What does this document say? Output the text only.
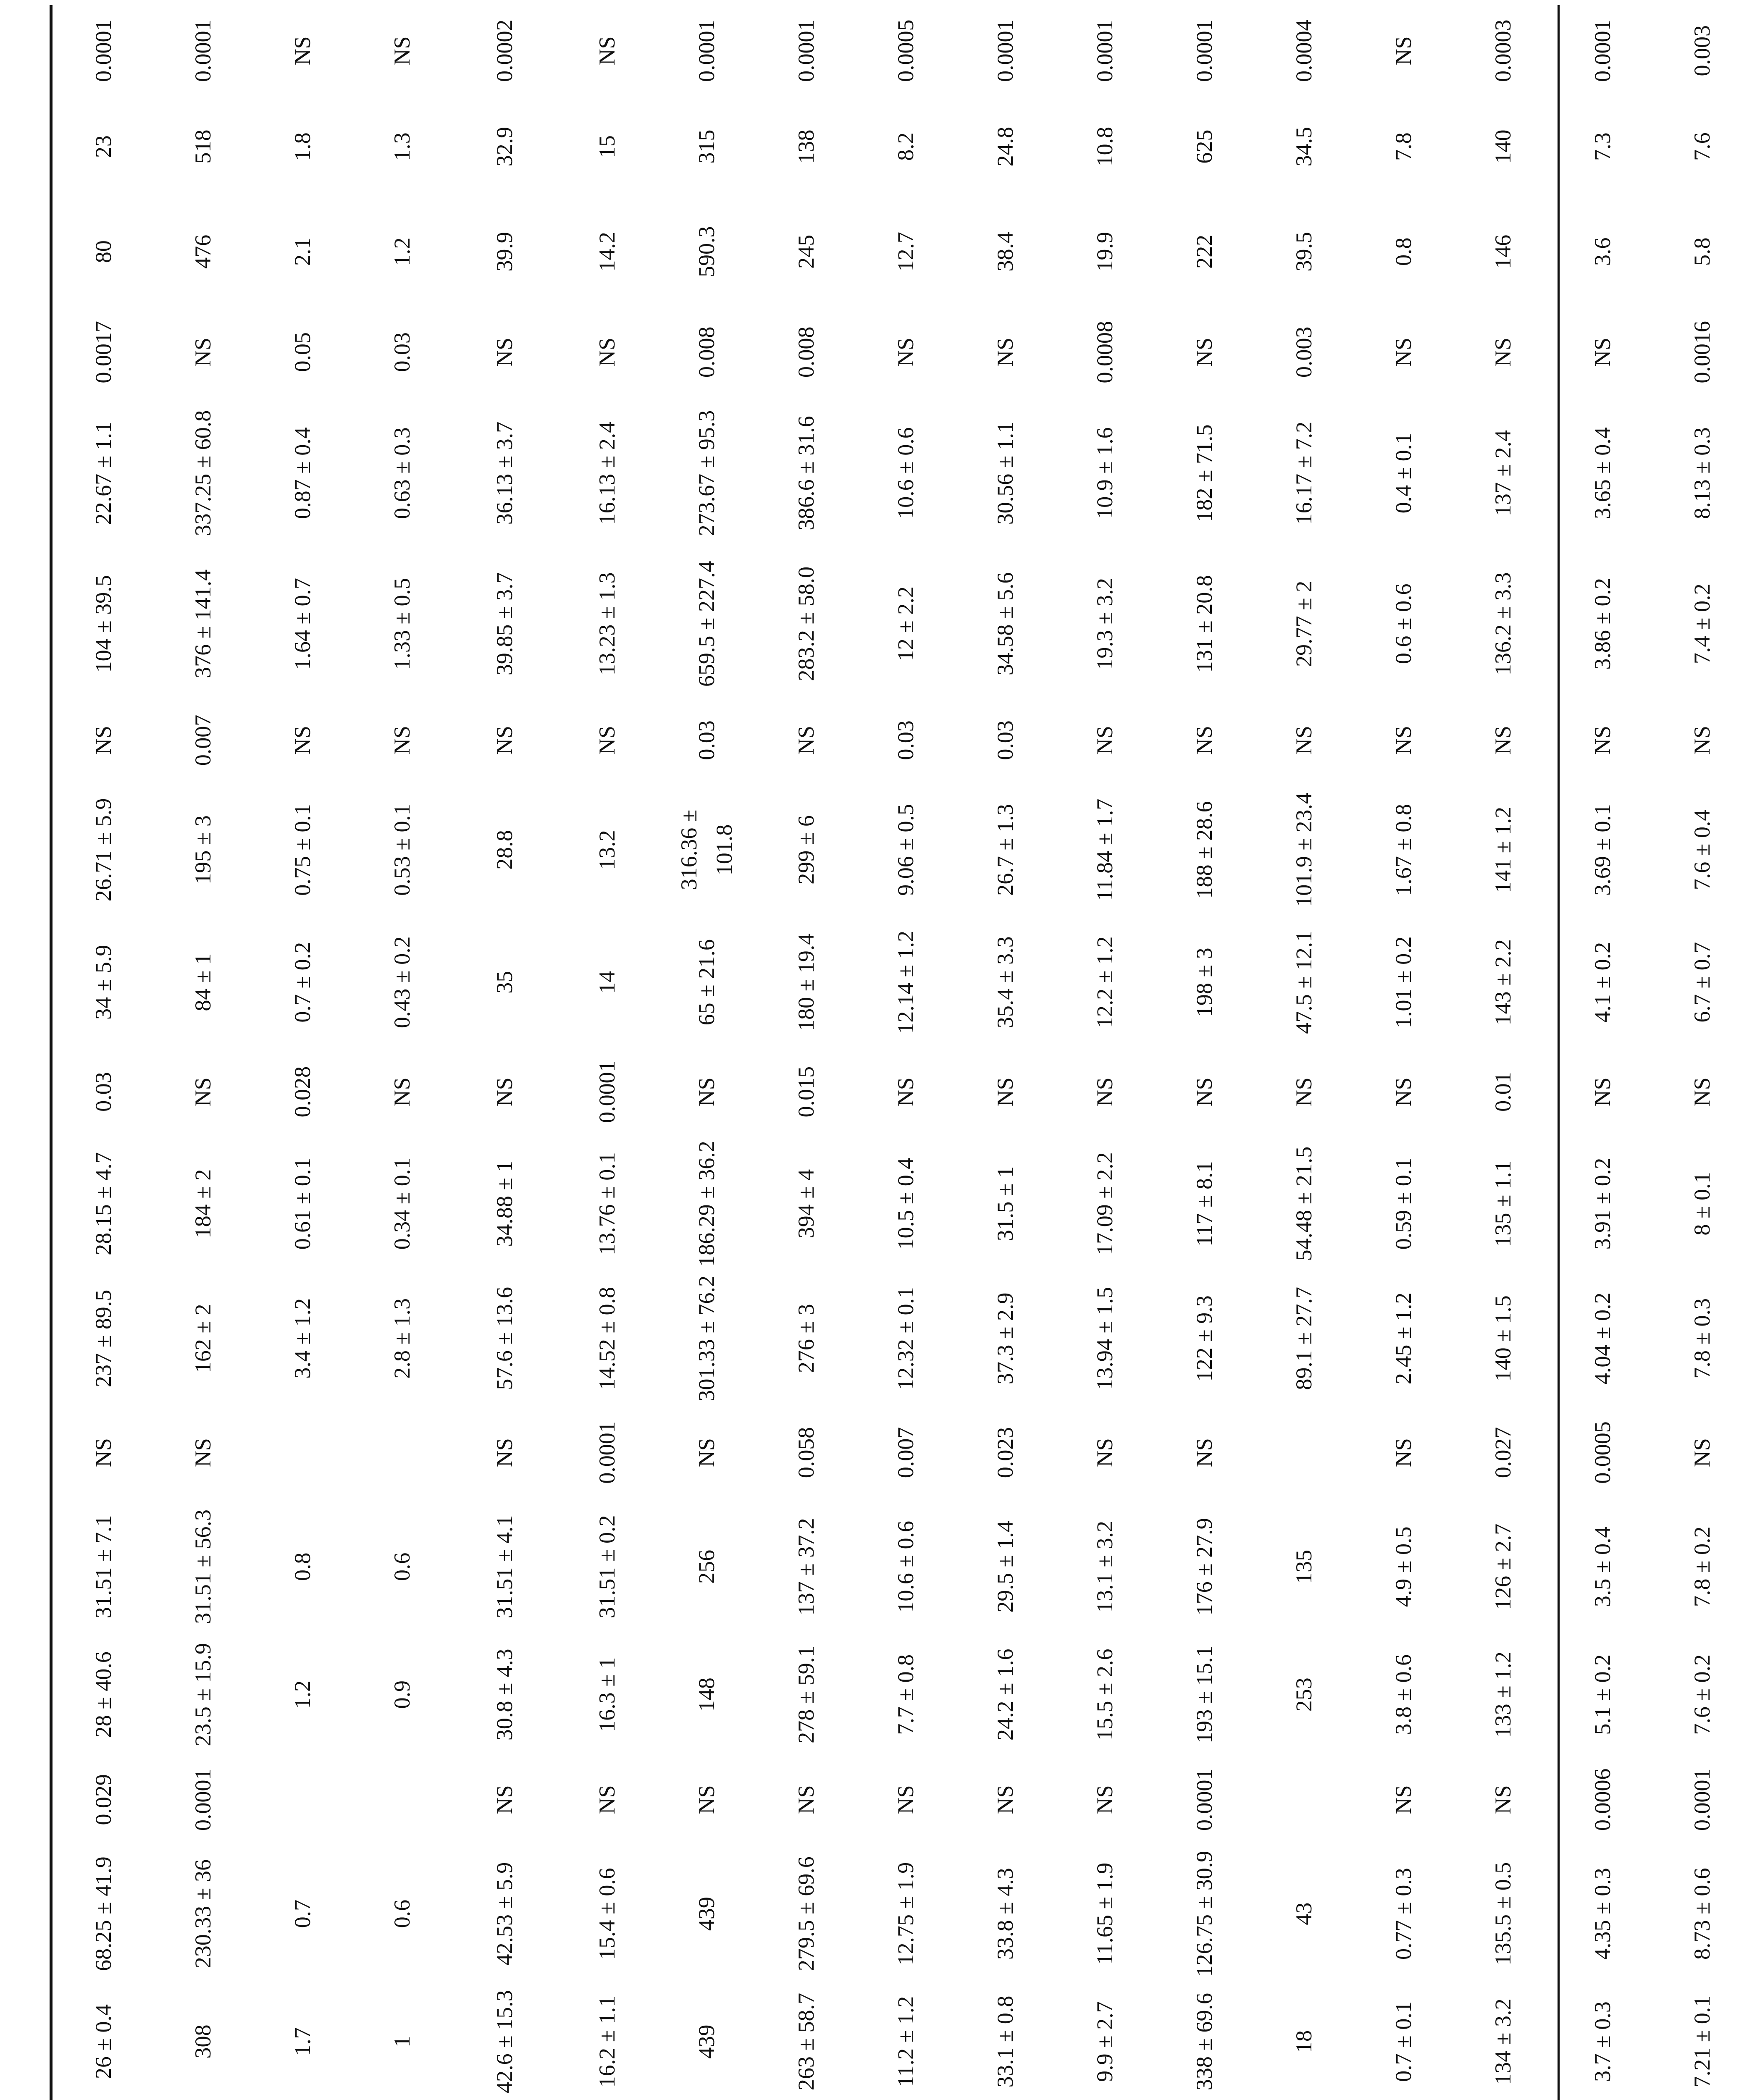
	26 ± 0.4	68.25 ± 41.9	0.029	28 ± 40.6	31.51 ± 7.1	NS	237 ± 89.5	28.15 ± 4.7	0.03	34 ± 5.9	26.71 ± 5.9	NS	104 ± 39.5	22.67 ± 1.1	0.0017	80	23	0.0001
	308	230.33 ± 36	0.0001	23.5 ± 15.9	31.51 ± 56.3	NS	162 ± 2	184 ± 2	NS	84 ± 1	195 ± 3	0.007	376 ± 141.4	337.25 ± 60.8	NS	476	518	0.0001
	1.7	0.7		1.2	0.8		3.4 ± 1.2	0.61 ± 0.1	0.028	0.7 ± 0.2	0.75 ± 0.1	NS	1.64 ± 0.7	0.87 ± 0.4	0.05	2.1	1.8	NS
	1	0.6		0.9	0.6		2.8 ± 1.3	0.34 ± 0.1	NS	0.43 ± 0.2	0.53 ± 0.1	NS	1.33 ± 0.5	0.63 ± 0.3	0.03	1.2	1.3	NS
	42.6 ± 15.3	42.53 ± 5.9	NS	30.8 ± 4.3	31.51 ± 4.1	NS	57.6 ± 13.6	34.88 ± 1	NS	35	28.8	NS	39.85 ± 3.7	36.13 ± 3.7	NS	39.9	32.9	0.0002
	16.2 ± 1.1	15.4 ± 0.6	NS	16.3 ± 1	31.51 ± 0.2	0.0001	14.52 ± 0.8	13.76 ± 0.1	0.0001	14	13.2	NS	13.23 ± 1.3	16.13 ± 2.4	NS	14.2	15	NS
	439	439	NS	148	256	NS	301.33 ± 76.2	186.29 ± 36.2	NS	65 ± 21.6	316.36 ± 101.8	0.03	659.5 ± 227.4	273.67 ± 95.3	0.008	590.3	315	0.0001
	263 ± 58.7	279.5 ± 69.6	NS	278 ± 59.1	137 ± 37.2	0.058	276 ± 3	394 ± 4	0.015	180 ± 19.4	299 ± 6	NS	283.2 ± 58.0	386.6 ± 31.6	0.008	245	138	0.0001
	11.2 ± 1.2	12.75 ± 1.9	NS	7.7 ± 0.8	10.6 ± 0.6	0.007	12.32 ± 0.1	10.5 ± 0.4	NS	12.14 ± 1.2	9.06 ± 0.5	0.03	12 ± 2.2	10.6 ± 0.6	NS	12.7	8.2	0.0005
	33.1 ± 0.8	33.8 ± 4.3	NS	24.2 ± 1.6	29.5 ± 1.4	0.023	37.3 ± 2.9	31.5 ± 1	NS	35.4 ± 3.3	26.7 ± 1.3	0.03	34.58 ± 5.6	30.56 ± 1.1	NS	38.4	24.8	0.0001
	9.9 ± 2.7	11.65 ± 1.9	NS	15.5 ± 2.6	13.1 ± 3.2	NS	13.94 ± 1.5	17.09 ± 2.2	NS	12.2 ± 1.2	11.84 ± 1.7	NS	19.3 ± 3.2	10.9 ± 1.6	0.0008	19.9	10.8	0.0001
	338 ± 69.6	126.75 ± 30.9	0.0001	193 ± 15.1	176 ± 27.9	NS	122 ± 9.3	117 ± 8.1	NS	198 ± 3	188 ± 28.6	NS	131 ± 20.8	182 ± 71.5	NS	222	625	0.0001
	18	43		253	135		89.1 ± 27.7	54.48 ± 21.5	NS	47.5 ± 12.1	101.9 ± 23.4	NS	29.77 ± 2	16.17 ± 7.2	0.003	39.5	34.5	0.0004
	0.7 ± 0.1	0.77 ± 0.3	NS	3.8 ± 0.6	4.9 ± 0.5	NS	2.45 ± 1.2	0.59 ± 0.1	NS	1.01 ± 0.2	1.67 ± 0.8	NS	0.6 ± 0.6	0.4 ± 0.1	NS	0.8	7.8	NS
	134 ± 3.2	135.5 ± 0.5	NS	133 ± 1.2	126 ± 2.7	0.027	140 ± 1.5	135 ± 1.1	0.01	143 ± 2.2	141 ± 1.2	NS	136.2 ± 3.3	137 ± 2.4	NS	146	140	0.0003
	3.7 ± 0.3	4.35 ± 0.3	0.0006	5.1 ± 0.2	3.5 ± 0.4	0.0005	4.04 ± 0.2	3.91 ± 0.2	NS	4.1 ± 0.2	3.69 ± 0.1	NS	3.86 ± 0.2	3.65 ± 0.4	NS	3.6	7.3	0.0001
	7.21 ± 0.1	8.73 ± 0.6	0.0001	7.6 ± 0.2	7.8 ± 0.2	NS	7.8 ± 0.3	8 ± 0.1	NS	6.7 ± 0.7	7.6 ± 0.4	NS	7.4 ± 0.2	8.13 ± 0.3	0.0016	5.8	7.6	0.003
